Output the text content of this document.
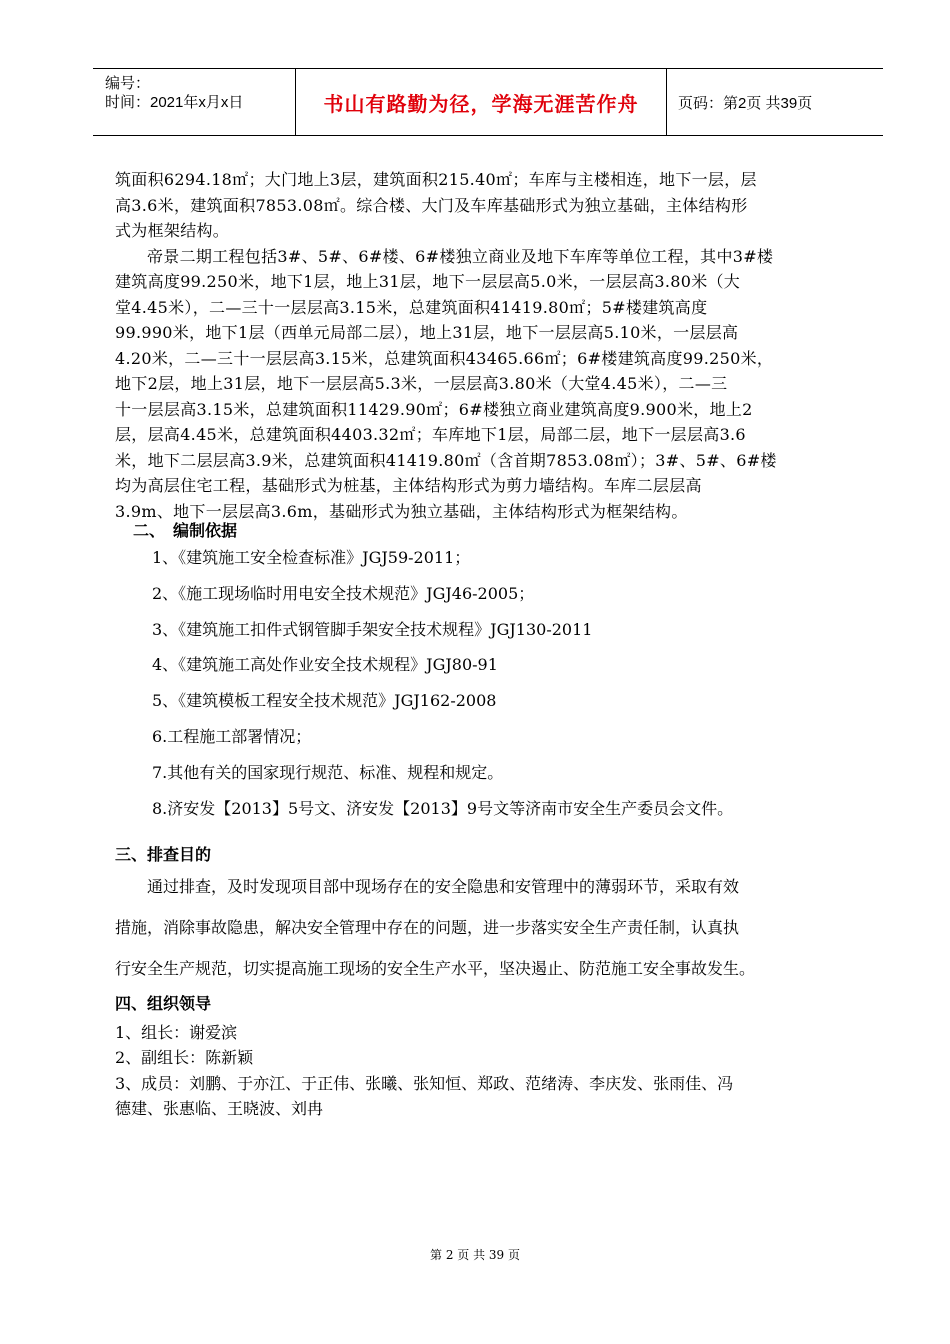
编号：
时间：2021年x月x日	书山有路勤为径，学海无涯苦作舟	页码：第2页 共39页

筑面积6294.18㎡；大门地上3层，建筑面积215.40㎡；车库与主楼相连，地下一层，层

高3.6米，建筑面积7853.08㎡。综合楼、大门及车库基础形式为独立基础，主体结构形

式为框架结构。

帝景二期工程包括3#、5#、6#楼、6#楼独立商业及地下车库等单位工程，其中3#楼

建筑高度99.250米，地下1层，地上31层，地下一层层高5.0米，一层层高3.80米（大

堂4.45米），二—三十一层层高3.15米，总建筑面积41419.80㎡；5#楼建筑高度

99.990米，地下1层（西单元局部二层），地上31层，地下一层层高5.10米，一层层高

4.20米，二—三十一层层高3.15米，总建筑面积43465.66㎡；6#楼建筑高度99.250米，

地下2层，地上31层，地下一层层高5.3米，一层层高3.80米（大堂4.45米），二—三

十一层层高3.15米，总建筑面积11429.90㎡；6#楼独立商业建筑高度9.900米，地上2

层，层高4.45米，总建筑面积4403.32㎡；车库地下1层，局部二层，地下一层层高3.6

米，地下二层层高3.9米，总建筑面积41419.80㎡（含首期7853.08㎡）；3#、5#、6#楼

均为高层住宅工程，基础形式为桩基，主体结构形式为剪力墙结构。车库二层层高

3.9m、地下一层层高3.6m，基础形式为独立基础，主体结构形式为框架结构。

二、　编制依据
1、《建筑施工安全检查标准》JGJ59-2011；
2、《施工现场临时用电安全技术规范》JGJ46-2005；
3、《建筑施工扣件式钢管脚手架安全技术规程》JGJ130-2011
4、《建筑施工高处作业安全技术规程》JGJ80-91
5、《建筑模板工程安全技术规范》JGJ162-2008
6.工程施工部署情况；
7.其他有关的国家现行规范、标准、规程和规定。
8.济安发【2013】5号文、济安发【2013】9号文等济南市安全生产委员会文件。
三、排查目的
　　通过排查，及时发现项目部中现场存在的安全隐患和安管理中的薄弱环节，采取有效
措施，消除事故隐患，解决安全管理中存在的问题，进一步落实安全生产责任制，认真执
行安全生产规范，切实提高施工现场的安全生产水平，坚决遏止、防范施工安全事故发生。
四、组织领导
1、组长：谢爱滨
2、副组长：陈新颖
3、成员：刘鹏、于亦江、于正伟、张曦、张知恒、郑政、范绪涛、李庆发、张雨佳、冯
德建、张惠临、王晓波、刘冉
第 2 页 共 39 页
